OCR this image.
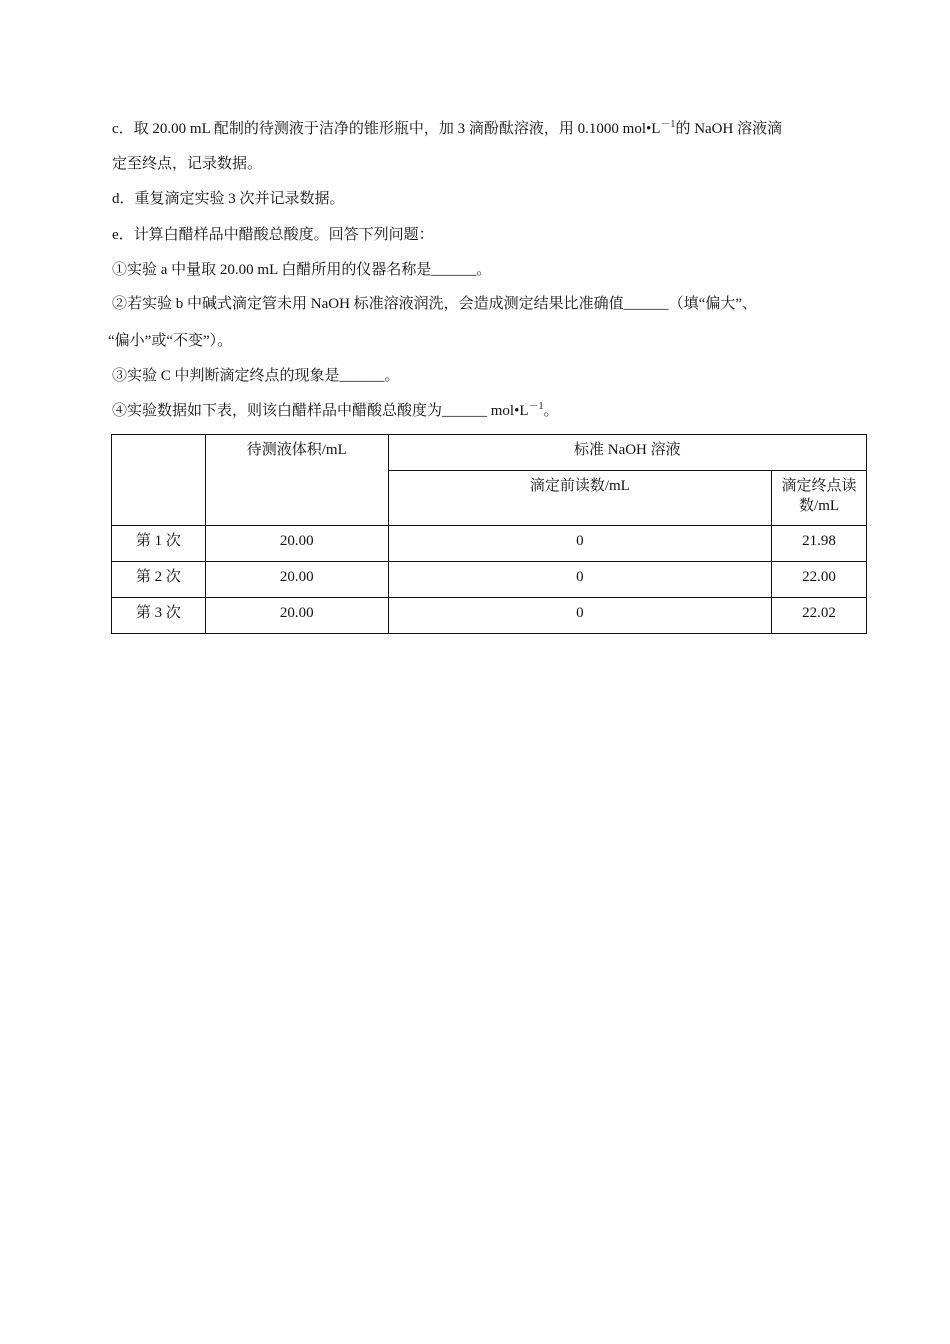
c．取 20.00 mL 配制的待测液于洁净的锥形瓶中，加 3 滴酚酞溶液，用 0.1000 $mol•L^{-1}$的 NaOH 溶液滴
定至终点，记录数据。
d．重复滴定实验 3 次并记录数据。
e．计算白醋样品中醋酸总酸度。回答下列问题：
①实验 a 中量取 20.00 mL 白醋所用的仪器名称是______。
②若实验 b 中碱式滴定管未用 NaOH 标准溶液润洗，会造成测定结果比准确值______（填“偏大”、
“偏小”或“不变”）。
③实验 C 中判断滴定终点的现象是______。
④实验数据如下表，则该白醋样品中醋酸总酸度为______ $mol•L^{-1}$。
	待测液体积/mL	标准 NaOH 溶液	
		滴定前读数/mL	滴定终点读数/mL
第 1 次	20.00	0	21.98
第 2 次	20.00	0	22.00
第 3 次	20.00	0	22.02
